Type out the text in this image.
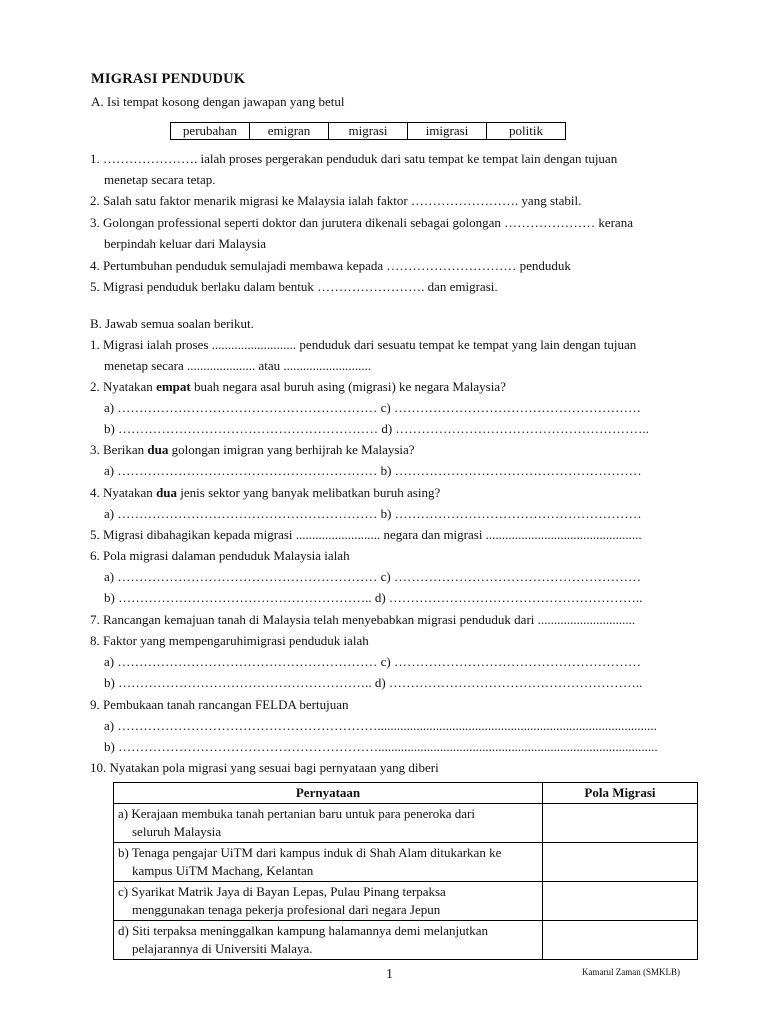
MIGRASI PENDUDUK
A. Isi tempat kosong dengan jawapan yang betul
perubahan	emigran	migrasi	imigrasi	politik
1. …………………. ialah proses pergerakan penduduk dari satu tempat ke tempat lain dengan tujuan
menetap secara tetap.
2. Salah satu faktor menarik migrasi ke Malaysia ialah faktor ……………………. yang stabil.
3. Golongan professional seperti doktor dan jurutera dikenali sebagai golongan ………………… kerana
berpindah keluar dari Malaysia
4. Pertumbuhan penduduk semulajadi membawa kepada ………………………… penduduk
5. Migrasi penduduk berlaku dalam bentuk ……………………. dan emigrasi.
B. Jawab semua soalan berikut.
1. Migrasi ialah proses .......................... penduduk dari sesuatu tempat ke tempat yang lain dengan tujuan
menetap secara ..................... atau ...........................
2. Nyatakan empat buah negara asal buruh asing (migrasi) ke negara Malaysia?
a) …………………………………………………… c) …………………………………………………
b) …………………………………………………… d) …………………………………………………..
3. Berikan dua golongan imigran yang berhijrah ke Malaysia?
a) …………………………………………………… b) …………………………………………………
4. Nyatakan dua jenis sektor yang banyak melibatkan buruh asing?
a) …………………………………………………… b) …………………………………………………
5. Migrasi dibahagikan kepada migrasi .......................... negara dan migrasi ................................................
6. Pola migrasi dalaman penduduk Malaysia ialah
a) …………………………………………………… c) …………………………………………………
b) ………………………………………………….. d) …………………………………………………..
7. Rancangan kemajuan tanah di Malaysia telah menyebabkan migrasi penduduk dari ..............................
8. Faktor yang mempengaruhimigrasi penduduk ialah
a) …………………………………………………… c) …………………………………………………
b) ………………………………………………….. d) …………………………………………………..
9. Pembukaan tanah rancangan FELDA bertujuan
a) ……………………………………………………......................................................................................
b) ……………………………………………………......................................................................................
10. Nyatakan pola migrasi yang sesuai bagi pernyataan yang diberi
Pernyataan	Pola Migrasi
a) Kerajaan membuka tanah pertanian baru untuk para peneroka dari
seluruh Malaysia	

b) Tenaga pengajar UiTM dari kampus induk di Shah Alam ditukarkan ke
kampus UiTM Machang, Kelantan	

c) Syarikat Matrik Jaya di Bayan Lepas, Pulau Pinang terpaksa
menggunakan tenaga pekerja profesional dari negara Jepun	

d) Siti terpaksa meninggalkan kampung halamannya demi melanjutkan
pelajarannya di Universiti Malaya.	

1	Kamarul Zaman (SMKLB)
